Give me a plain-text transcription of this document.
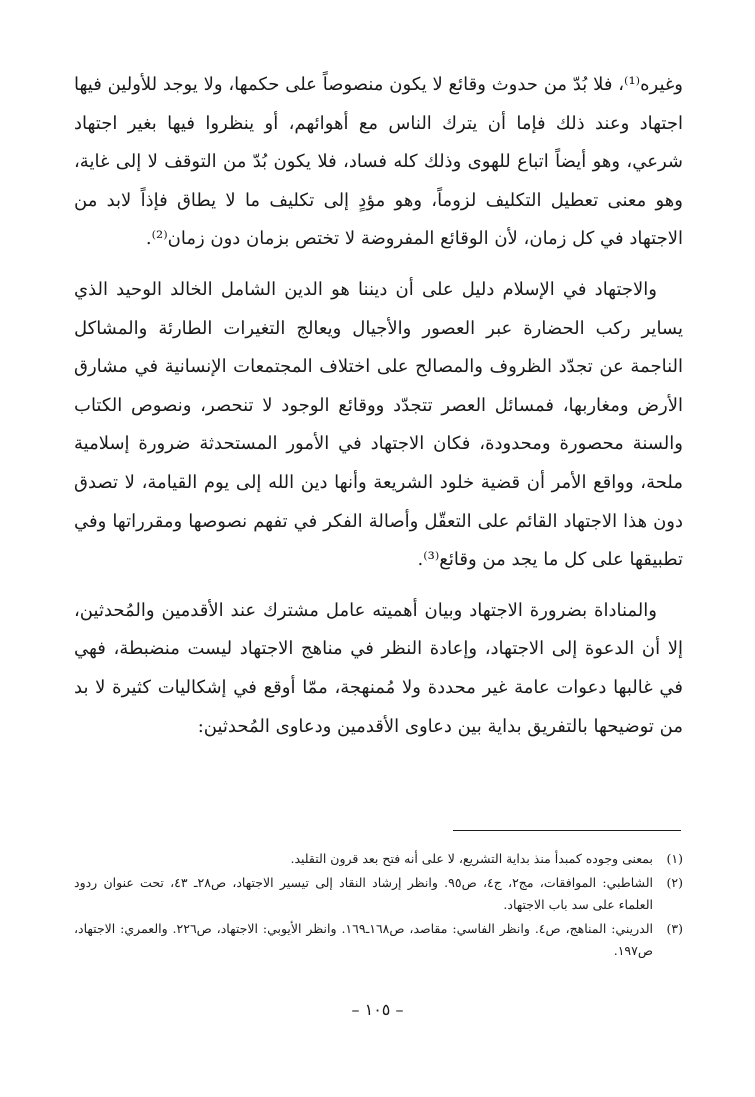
وغيره⁽¹⁾، فلا بُدّ من حدوث وقائع لا يكون منصوصاً على حكمها، ولا يوجد للأولين فيها اجتهاد وعند ذلك فإما أن يترك الناس مع أهوائهم، أو ينظروا فيها بغير اجتهاد شرعي، وهو أيضاً اتباع للهوى وذلك كله فساد، فلا يكون بُدّ من التوقف لا إلى غاية، وهو معنى تعطيل التكليف لزوماً، وهو مؤدٍ إلى تكليف ما لا يطاق فإذاً لابد من الاجتهاد في كل زمان، لأن الوقائع المفروضة لا تختص بزمان دون زمان⁽²⁾.

والاجتهاد في الإسلام دليل على أن ديننا هو الدين الشامل الخالد الوحيد الذي يساير ركب الحضارة عبر العصور والأجيال ويعالج التغيرات الطارئة والمشاكل الناجمة عن تجدّد الظروف والمصالح على اختلاف المجتمعات الإنسانية في مشارق الأرض ومغاربها، فمسائل العصر تتجدّد ووقائع الوجود لا تنحصر، ونصوص الكتاب والسنة محصورة ومحدودة، فكان الاجتهاد في الأمور المستحدثة ضرورة إسلامية ملحة، وواقع الأمر أن قضية خلود الشريعة وأنها دين الله إلى يوم القيامة، لا تصدق دون هذا الاجتهاد القائم على التعقّل وأصالة الفكر في تفهم نصوصها ومقرراتها وفي تطبيقها على كل ما يجد من وقائع⁽³⁾.

والمناداة بضرورة الاجتهاد وبيان أهميته عامل مشترك عند الأقدمين والمُحدثين، إلا أن الدعوة إلى الاجتهاد، وإعادة النظر في مناهج الاجتهاد ليست منضبطة، فهي في غالبها دعوات عامة غير محددة ولا مُمنهجة، ممّا أوقع في إشكاليات كثيرة لا بد من توضيحها بالتفريق بداية بين دعاوى الأقدمين ودعاوى المُحدثين:

(١)
بمعنى وجوده كمبدأ منذ بداية التشريع، لا على أنه فتح بعد قرون التقليد.
(٢)
الشاطبي: الموافقات، مج٢، ج٤، ص٩٥. وانظر إرشاد النقاد إلى تيسير الاجتهاد، ص٢٨ـ ٤٣، تحت عنوان ردود العلماء على سد باب الاجتهاد.
(٣)
الدريني: المناهج، ص٤. وانظر الفاسي: مقاصد، ص١٦٨ـ١٦٩. وانظر الأيوبي: الاجتهاد، ص٢٢٦. والعمري: الاجتهاد، ص١٩٧.
– ١٠٥ –
